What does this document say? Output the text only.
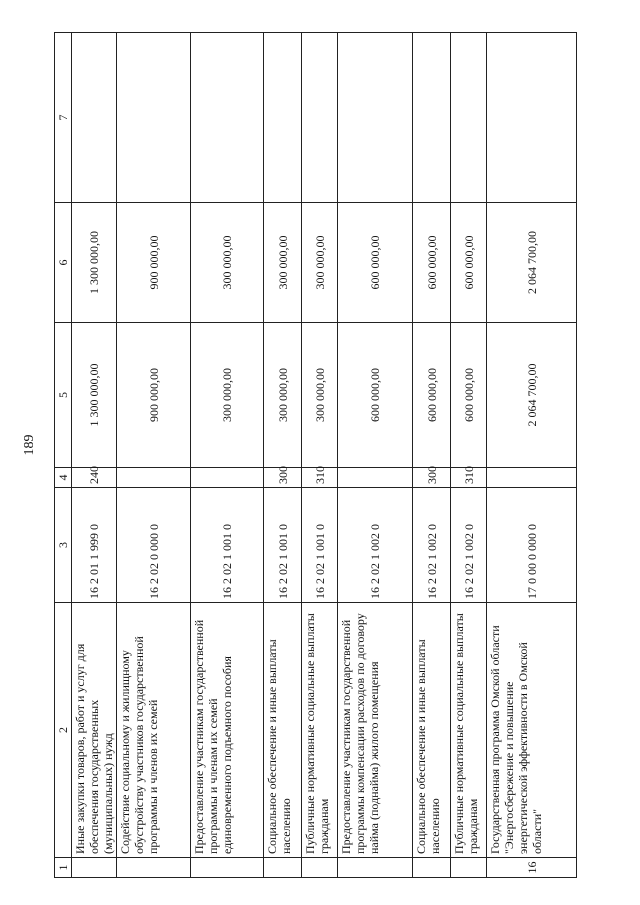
189
1	2	3	4	5	6	7
	Иные закупки товаров, работ и услуг для обеспечения государственных (муниципальных) нужд	16 2 01 1 999 0	240	1 300 000,00	1 300 000,00	
	Содействие социальному и жилищному обустройству участников государственной программы и членов их семей	16 2 02 0 000 0		900 000,00	900 000,00	
	Предоставление участникам государственной программы и членам их семей единовременного подъемного пособия	16 2 02 1 001 0		300 000,00	300 000,00	
	Социальное обеспечение и иные выплаты населению	16 2 02 1 001 0	300	300 000,00	300 000,00	
	Публичные нормативные социальные выплаты гражданам	16 2 02 1 001 0	310	300 000,00	300 000,00	
	Предоставление участникам государственной программы компенсации расходов по договору найма (поднайма) жилого помещения	16 2 02 1 002 0		600 000,00	600 000,00	
	Социальное обеспечение и иные выплаты населению	16 2 02 1 002 0	300	600 000,00	600 000,00	
	Публичные нормативные социальные выплаты гражданам	16 2 02 1 002 0	310	600 000,00	600 000,00	
16	Государственная программа Омской области "Энергосбережение и повышение энергетической эффективности в Омской области"	17 0 00 0 000 0		2 064 700,00	2 064 700,00	
